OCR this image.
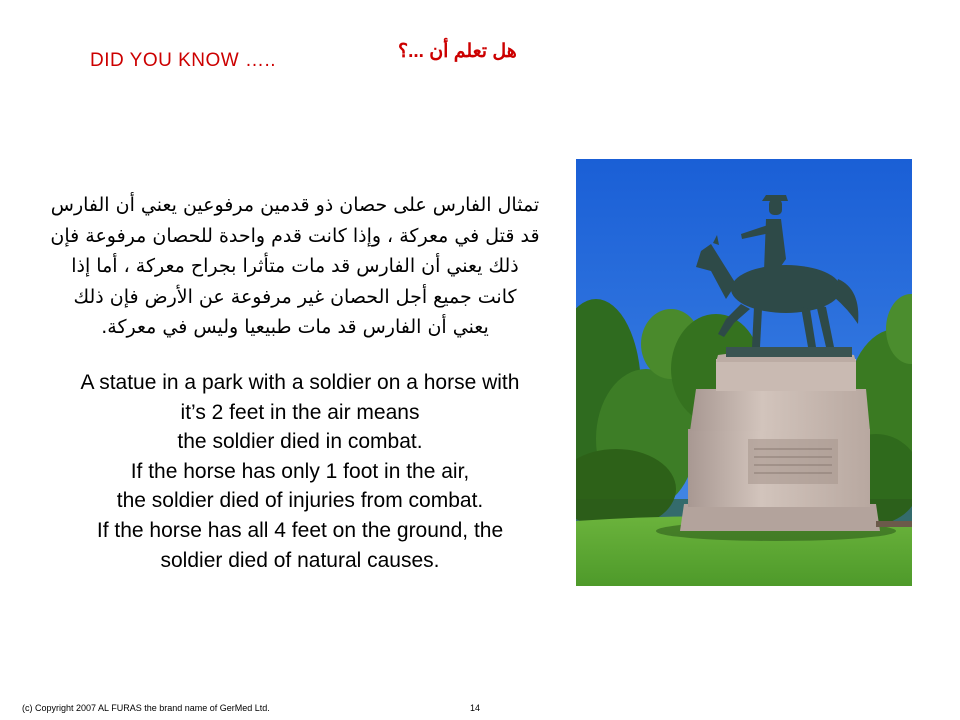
DID YOU KNOW …..	هل تعلم أن ...؟
تمثال الفارس على حصان ذو قدمين مرفوعين يعني أن الفارس
قد قتل في معركة ، وإذا كانت قدم واحدة للحصان مرفوعة فإن
ذلك يعني أن الفارس قد مات متأثرا بجراح معركة ، أما إذا
كانت جميع أجل الحصان غير مرفوعة عن الأرض فإن ذلك
يعني أن الفارس قد مات طبيعيا وليس في معركة.
A statue in a park with a soldier on a horse with
it’s 2 feet in the air means
the soldier died in combat.
If the horse has only 1 foot in the air,
the soldier died of injuries from combat.
If the horse has all 4 feet on the ground, the
soldier died of natural causes.
(c) Copyright 2007 AL FURAS the brand name of GerMed Ltd.	14
